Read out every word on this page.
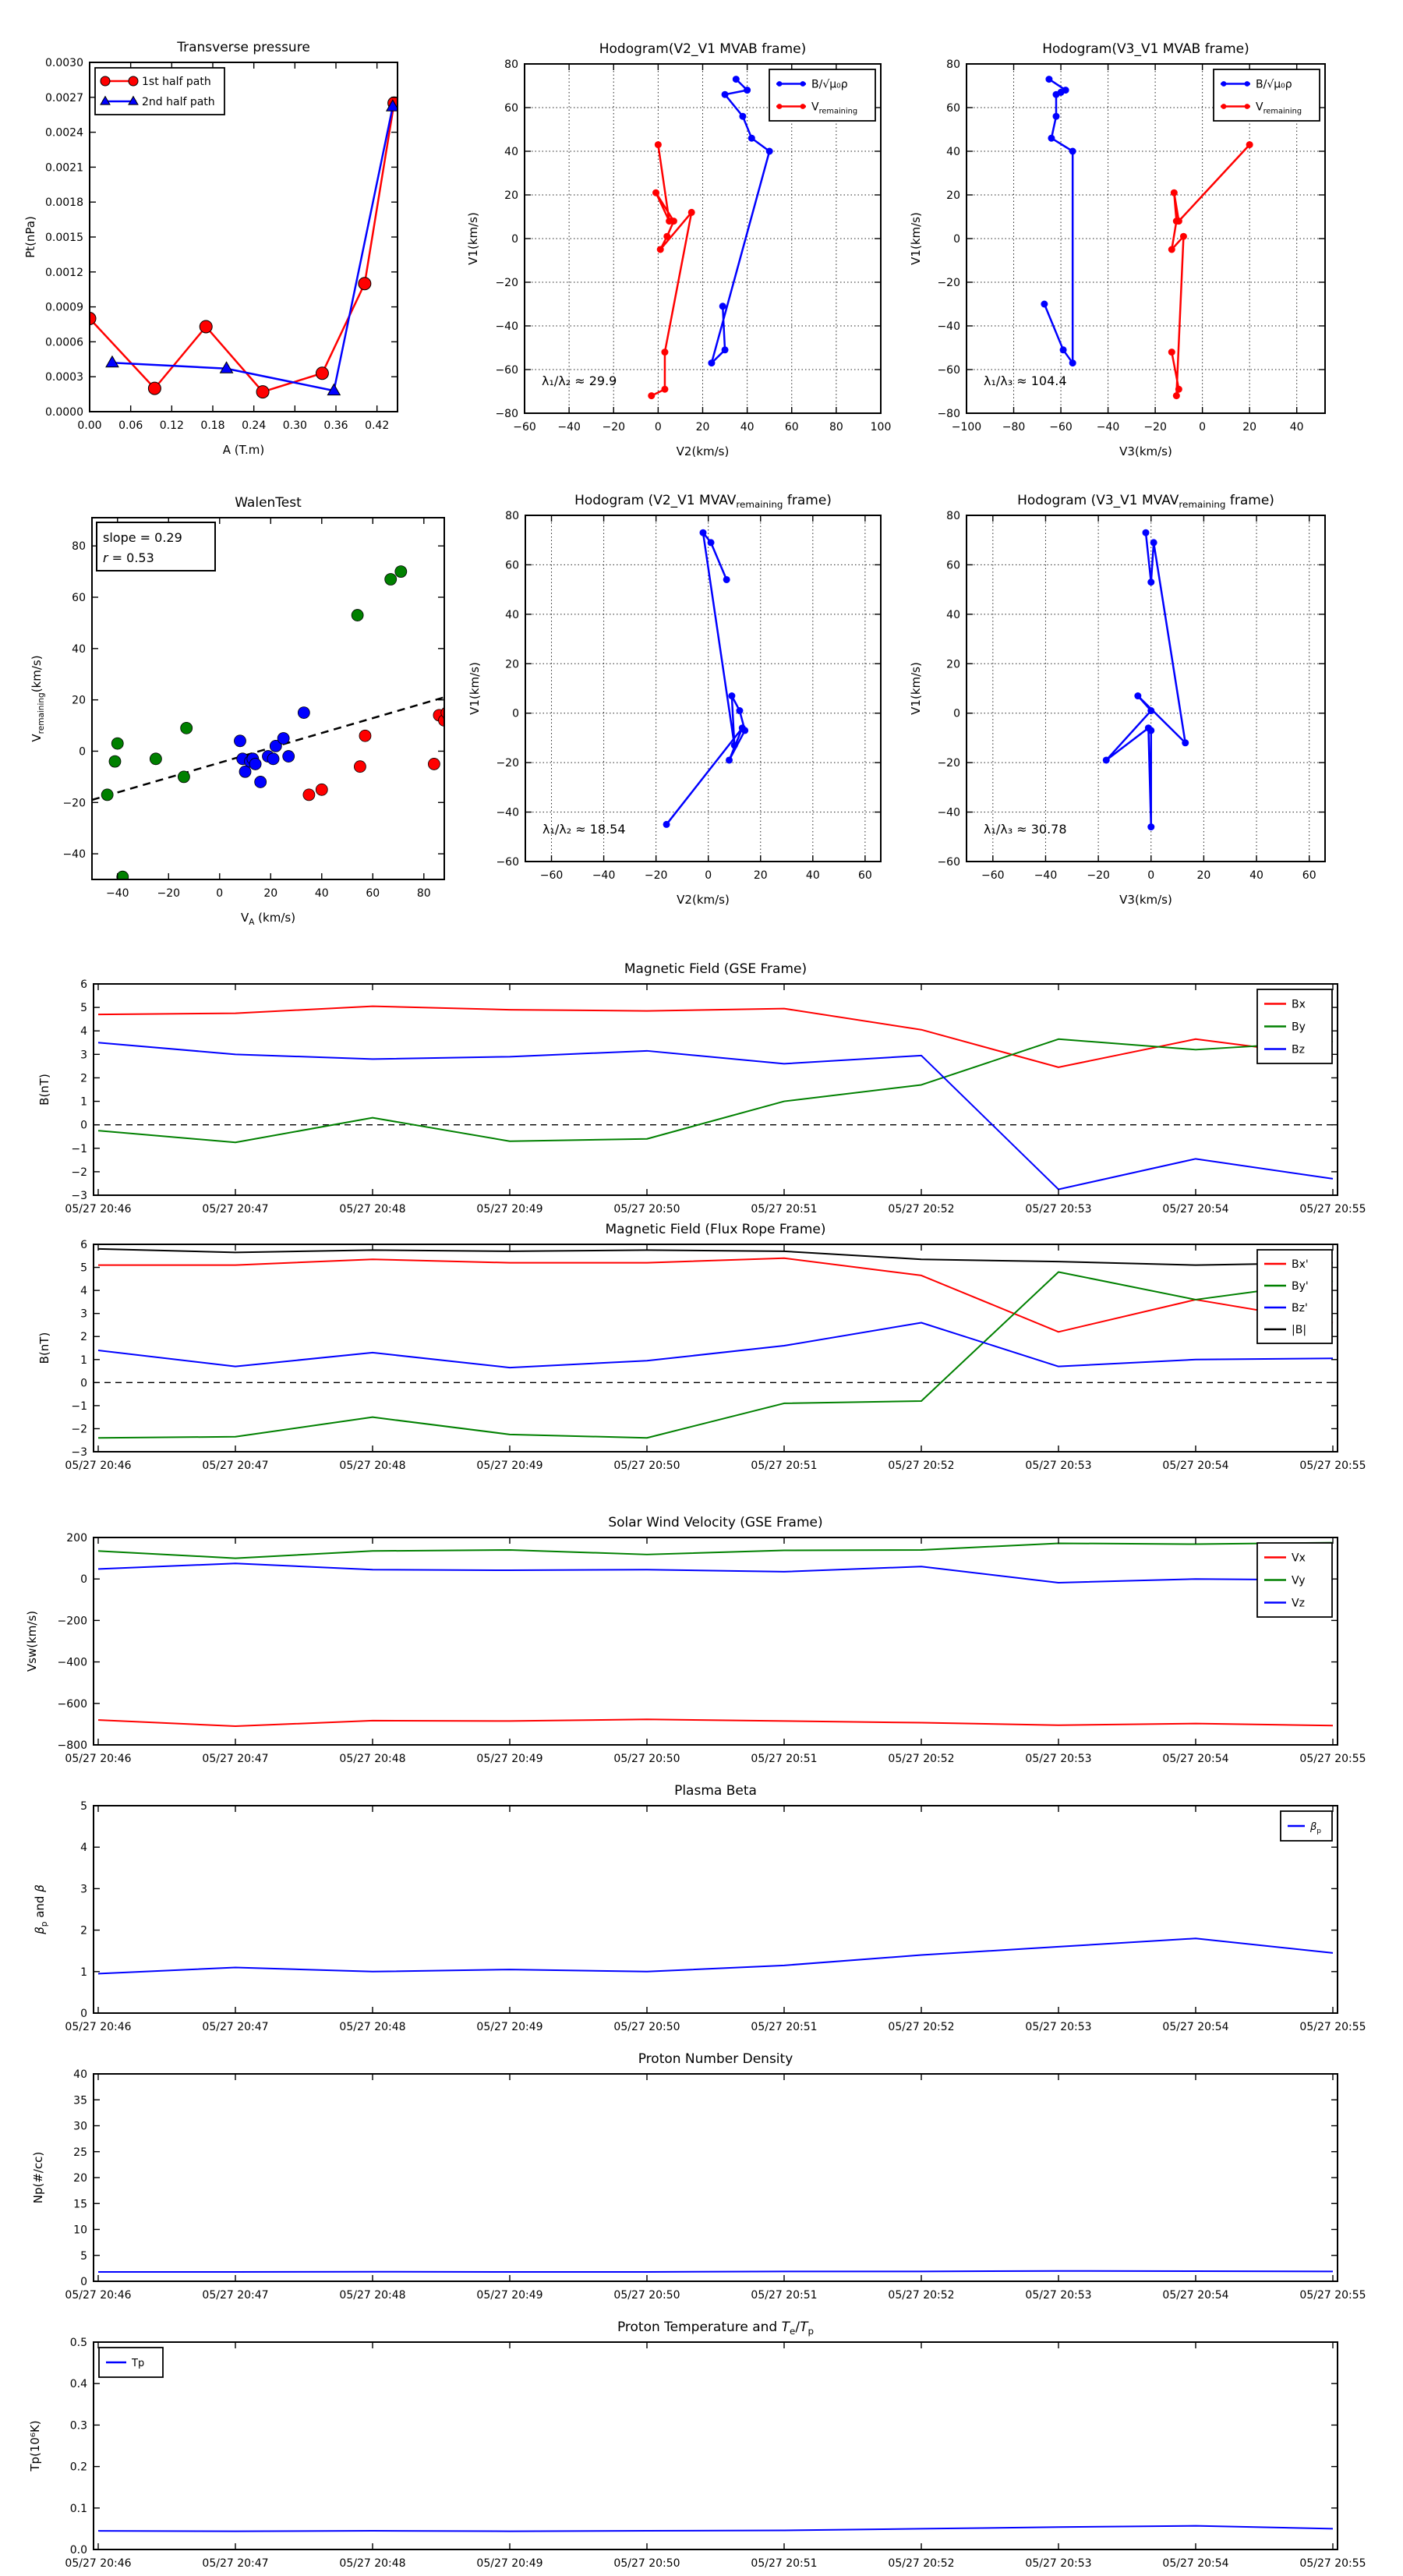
0.00 0.06 0.12 0.18 0.24 0.30 0.36 0.42
0.0000
0.0003
0.0006
0.0009
0.0012
0.0015
0.0018
0.0021
0.0024
0.0027
0.0030
Transverse pressure
A (T.m)
Pt(nPa)
1st half path
2nd half path
−60 −40 −20	0	20	40	60	80 100
−80
−60
−40
−20
0
20
40
60
80
Hodogram(V2_V1 MVAB frame)
V2(km/s)
V1(km/s)
B/√μ₀ρ
$V_{remaining}$
λ₁/λ₂ ≈ 29.9
−100 −80 −60 −40 −20	0	20	40
−80
−60
−40
−20
0
20
40
60
80
Hodogram(V3_V1 MVAB frame)
V3(km/s)
V1(km/s)
B/√μ₀ρ
$V_{remaining}$
λ₁/λ₃ ≈ 104.4
−40	−20	0	20	40	60	80
−40
−20
0
20
40
60
80
WalenTest
$V_A$ (km/s)
$V_{remaining}(km/s)$
slope = 0.29
r = 0.53
−60	−40	−20	0	20	40	60
−60
−40
−20
0
20
40
60
80
Hodogram (V2_V1 $MVAV_{remaining}$ frame)
V2(km/s)
V1(km/s)
λ₁/λ₂ ≈ 18.54
−60	−40	−20	0	20	40	60
−60
−40
−20
0
20
40
60
80
Hodogram (V3_V1 $MVAV_{remaining}$ frame)
V3(km/s)
V1(km/s)
λ₁/λ₃ ≈ 30.78
05/27 20:46	05/27 20:47	05/27 20:48	05/27 20:49	05/27 20:50	05/27 20:51	05/27 20:52	05/27 20:53	05/27 20:54	05/27 20:55
−3
−2
−1
0
1
2
3
4
5
6
Magnetic Field (GSE Frame)
B(nT)
Bx
By
Bz
05/27 20:46	05/27 20:47	05/27 20:48	05/27 20:49	05/27 20:50	05/27 20:51	05/27 20:52	05/27 20:53	05/27 20:54	05/27 20:55
−3
−2
−1
0
1
2
3
4
5
6
Magnetic Field (Flux Rope Frame)
B(nT)
Bx'
By'
Bz'
|B|
05/27 20:46	05/27 20:47	05/27 20:48	05/27 20:49	05/27 20:50	05/27 20:51	05/27 20:52	05/27 20:53	05/27 20:54	05/27 20:55
−800
−600
−400
−200
0
200
Solar Wind Velocity (GSE Frame)
Vsw(km/s)
Vx
Vy
Vz
05/27 20:46	05/27 20:47	05/27 20:48	05/27 20:49	05/27 20:50	05/27 20:51	05/27 20:52	05/27 20:53	05/27 20:54	05/27 20:55
0
1
2
3
4
5
Plasma Beta
$\beta_p$ and β
$\beta_p$
05/27 20:46	05/27 20:47	05/27 20:48	05/27 20:49	05/27 20:50	05/27 20:51	05/27 20:52	05/27 20:53	05/27 20:54	05/27 20:55
0
5
10
15
20
25
30
35
40
Proton Number Density
Np(#/cc)
05/27 20:46	05/27 20:47	05/27 20:48	05/27 20:49	05/27 20:50	05/27 20:51	05/27 20:52	05/27 20:53	05/27 20:54	05/27 20:55
0.0
0.1
0.2
0.3
0.4
0.5
Proton Temperature and $T_e/T_p$
Tp(10⁶K)
Tp
